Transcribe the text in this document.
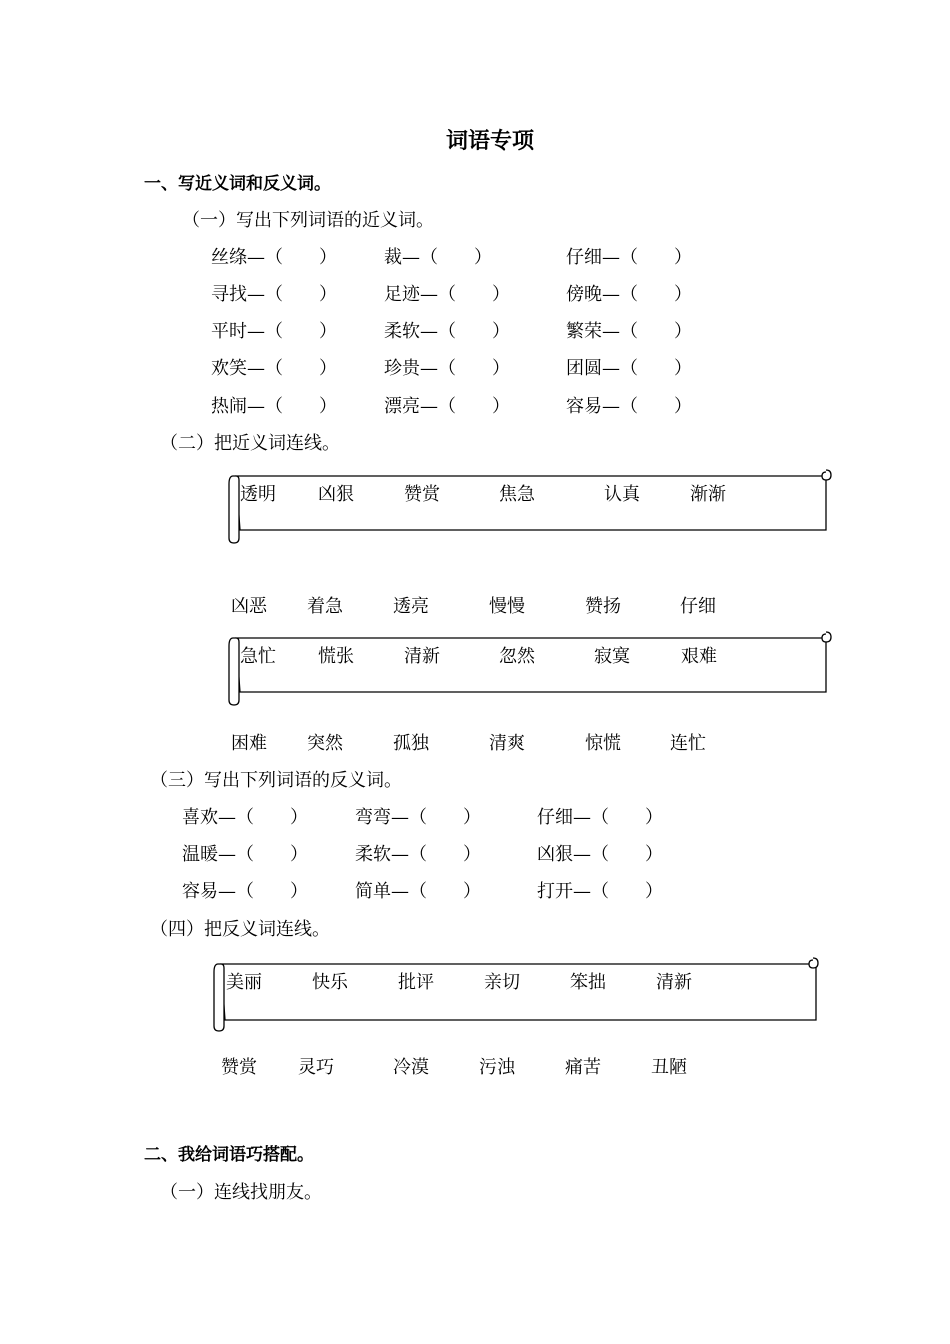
词语专项
一、写近义词和反义词。
（一）写出下列词语的近义词。
丝绦—（　　）	裁—（　　）	仔细—（　　）
寻找—（　　）	足迹—（　　）	傍晚—（　　）
平时—（　　）	柔软—（　　）	繁荣—（　　）
欢笑—（　　）	珍贵—（　　）	团圆—（　　）
热闹—（　　）	漂亮—（　　）	容易—（　　）
（二）把近义词连线。
透明 凶狠	赞赏	焦急	认真	渐渐
凶恶 着急	透亮	慢慢	赞扬	仔细
急忙 慌张	清新	忽然	寂寞	艰难
困难 突然	孤独	清爽	惊慌	连忙
（三）写出下列词语的反义词。
喜欢—（　　）	弯弯—（　　）	仔细—（　　）
温暖—（　　）	柔软—（　　）	凶狠—（　　）
容易—（　　）	简单—（　　）	打开—（　　）
（四）把反义词连线。
美丽	快乐	批评	亲切	笨拙	清新
赞赏 灵巧	冷漠	污浊	痛苦	丑陋
二、我给词语巧搭配。
（一）连线找朋友。
